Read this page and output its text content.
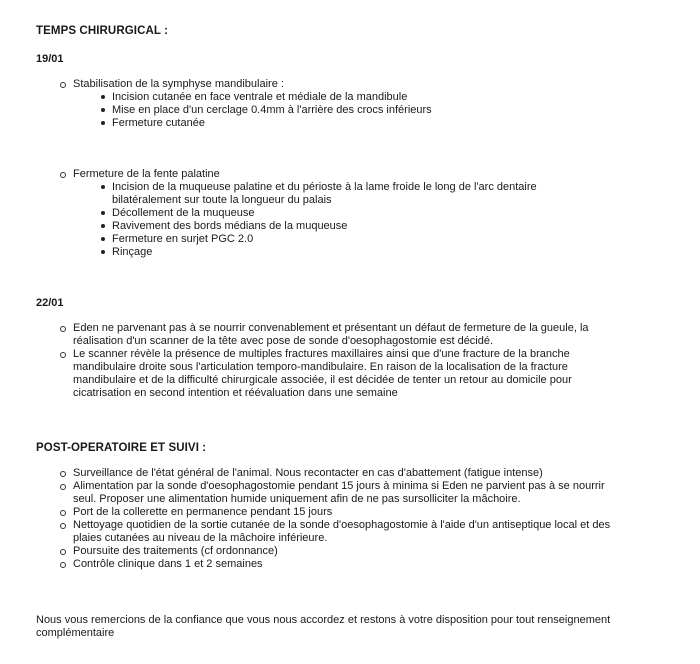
TEMPS CHIRURGICAL :
19/01
Stabilisation de la symphyse mandibulaire :
Incision cutanée en face ventrale et médiale de la mandibule
Mise en place d'un cerclage 0.4mm à l'arrière des crocs inférieurs
Fermeture cutanée
Fermeture de la fente palatine
Incision de la muqueuse palatine et du périoste à la lame froide le long de l'arc dentaire
bilatéralement sur toute la longueur du palais
Décollement de la muqueuse
Ravivement des bords médians de la muqueuse
Fermeture en surjet PGC 2.0
Rinçage
22/01
Eden ne parvenant pas à se nourrir convenablement et présentant un défaut de fermeture de la gueule, la
réalisation d'un scanner de la tête avec pose de sonde d'oesophagostomie est décidé.
Le scanner révèle la présence de multiples fractures maxillaires ainsi que d'une fracture de la branche
mandibulaire droite sous l'articulation temporo-mandibulaire. En raison de la localisation de la fracture
mandibulaire et de la difficulté chirurgicale associée, il est décidée de tenter un retour au domicile pour
cicatrisation en second intention et réévaluation dans une semaine
POST-OPERATOIRE ET SUIVI :
Surveillance de l'état général de l'animal. Nous recontacter en cas d'abattement (fatigue intense)
Alimentation par la sonde d'oesophagostomie pendant 15 jours à minima si Eden ne parvient pas à se nourrir
seul. Proposer une alimentation humide uniquement afin de ne pas sursolliciter la mâchoire.
Port de la collerette en permanence pendant 15 jours
Nettoyage quotidien de la sortie cutanée de la sonde d'oesophagostomie à l'aide d'un antiseptique local et des
plaies cutanées au niveau de la mâchoire inférieure.
Poursuite des traitements (cf ordonnance)
Contrôle clinique dans 1 et 2 semaines
Nous vous remercions de la confiance que vous nous accordez et restons à votre disposition pour tout renseignement
complémentaire
